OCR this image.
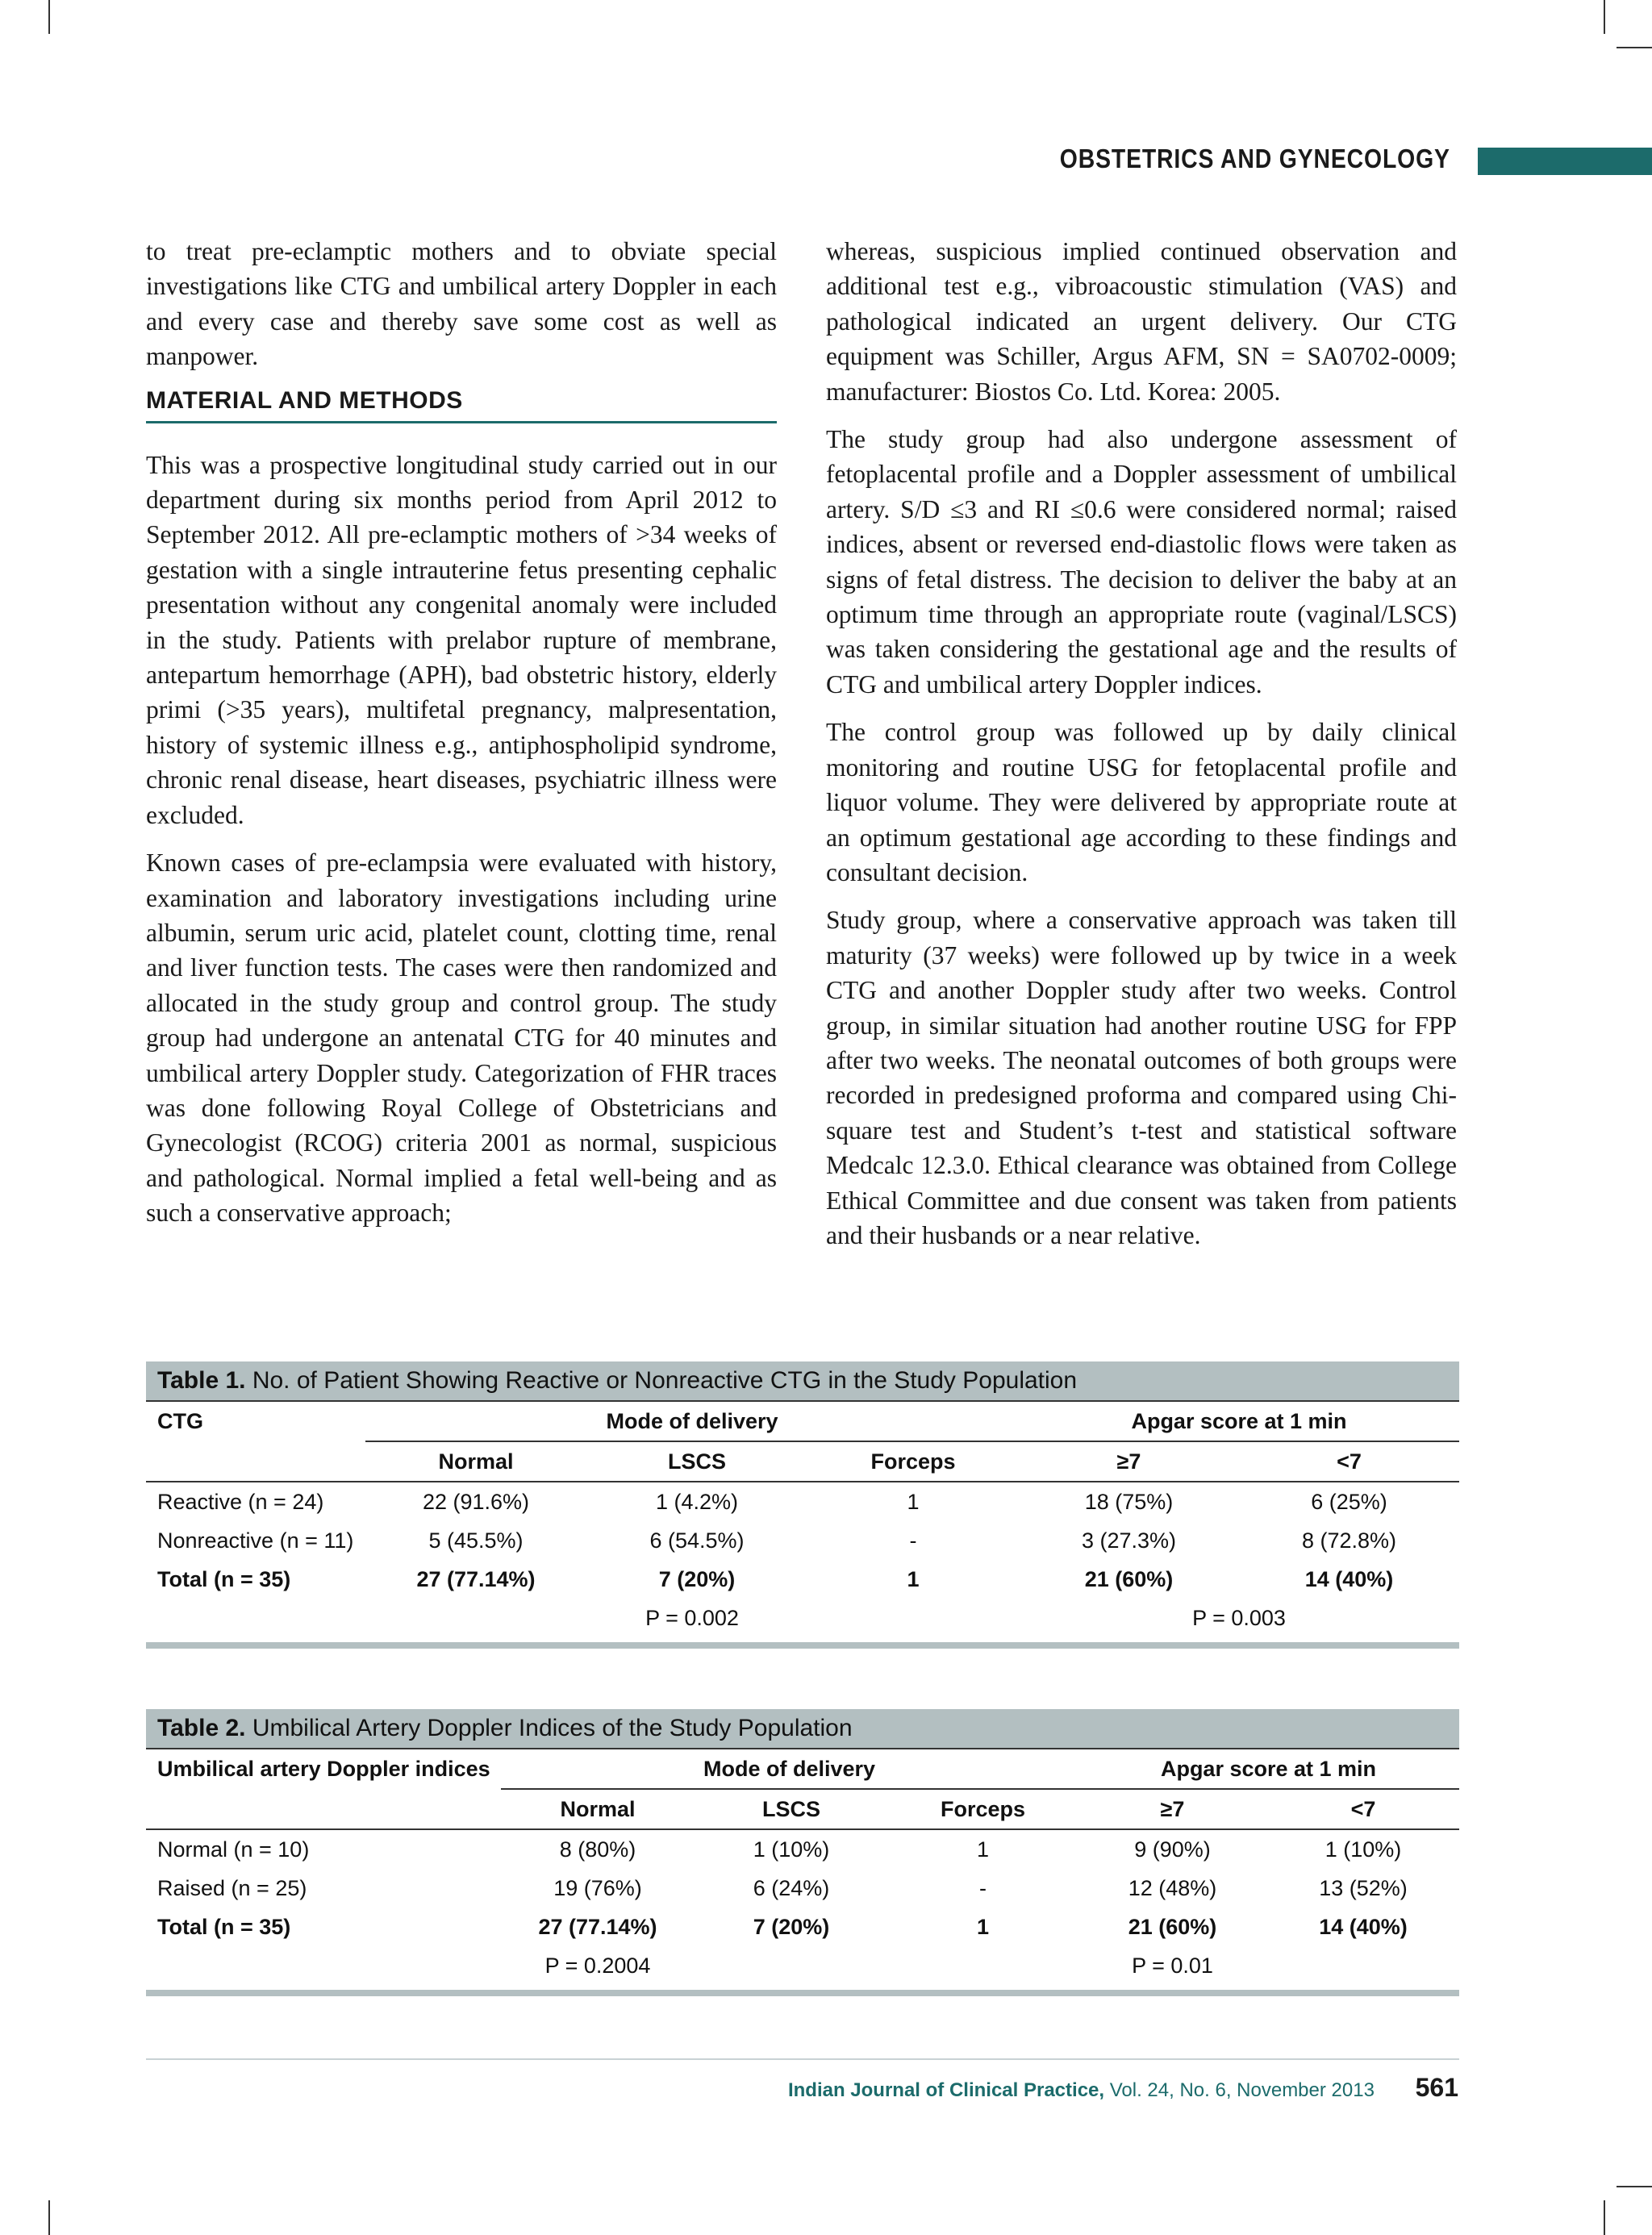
OBSTETRICS AND GYNECOLOGY

to treat pre-eclamptic mothers and to obviate special investigations like CTG and umbilical artery Doppler in each and every case and thereby save some cost as well as manpower.

MATERIAL AND METHODS

This was a prospective longitudinal study carried out in our department during six months period from April 2012 to September 2012. All pre-eclamptic mothers of >34 weeks of gestation with a single intrauterine fetus presenting cephalic presentation without any congenital anomaly were included in the study. Patients with prelabor rupture of membrane, antepartum hemorrhage (APH), bad obstetric history, elderly primi (>35 years), multifetal pregnancy, malpresentation, history of systemic illness e.g., antiphospholipid syndrome, chronic renal disease, heart diseases, psychiatric illness were excluded.

Known cases of pre-eclampsia were evaluated with history, examination and laboratory investigations including urine albumin, serum uric acid, platelet count, clotting time, renal and liver function tests. The cases were then randomized and allocated in the study group and control group. The study group had undergone an antenatal CTG for 40 minutes and umbilical artery Doppler study. Categorization of FHR traces was done following Royal College of Obstetricians and Gynecologist (RCOG) criteria 2001 as normal, suspicious and pathological. Normal implied a fetal well-being and as such a conservative approach;

whereas, suspicious implied continued observation and additional test e.g., vibroacoustic stimulation (VAS) and pathological indicated an urgent delivery. Our CTG equipment was Schiller, Argus AFM, SN = SA0702-0009; manufacturer: Biostos Co. Ltd. Korea: 2005.

The study group had also undergone assessment of fetoplacental profile and a Doppler assessment of umbilical artery. S/D ≤3 and RI ≤0.6 were considered normal; raised indices, absent or reversed end-diastolic flows were taken as signs of fetal distress. The decision to deliver the baby at an optimum time through an appropriate route (vaginal/LSCS) was taken considering the gestational age and the results of CTG and umbilical artery Doppler indices.

The control group was followed up by daily clinical monitoring and routine USG for fetoplacental profile and liquor volume. They were delivered by appropriate route at an optimum gestational age according to these findings and consultant decision.

Study group, where a conservative approach was taken till maturity (37 weeks) were followed up by twice in a week CTG and another Doppler study after two weeks. Control group, in similar situation had another routine USG for FPP after two weeks. The neonatal outcomes of both groups were recorded in predesigned proforma and compared using Chi-square test and Student’s t-test and statistical software Medcalc 12.3.0. Ethical clearance was obtained from College Ethical Committee and due consent was taken from patients and their husbands or a near relative.

Table 1. No. of Patient Showing Reactive or Nonreactive CTG in the Study Population
CTG	Mode of delivery			Apgar score at 1 min	
	Normal	LSCS	Forceps	≥7	<7
Reactive (n = 24)	22 (91.6%)	1 (4.2%)	1	18 (75%)	6 (25%)
Nonreactive (n = 11)	5 (45.5%)	6 (54.5%)	-	3 (27.3%)	8 (72.8%)
Total (n = 35)	27 (77.14%)	7 (20%)	1	21 (60%)	14 (40%)
	P = 0.002			P = 0.003	
Table 2. Umbilical Artery Doppler Indices of the Study Population
Umbilical artery Doppler indices	Mode of delivery			Apgar score at 1 min	
	Normal	LSCS	Forceps	≥7	<7
Normal (n = 10)	8 (80%)	1 (10%)	1	9 (90%)	1 (10%)
Raised (n = 25)	19 (76%)	6 (24%)	-	12 (48%)	13 (52%)
Total (n = 35)	27 (77.14%)	7 (20%)	1	21 (60%)	14 (40%)
	P = 0.2004			P = 0.01	
Indian Journal of Clinical Practice, Vol. 24, No. 6, November 2013 561
